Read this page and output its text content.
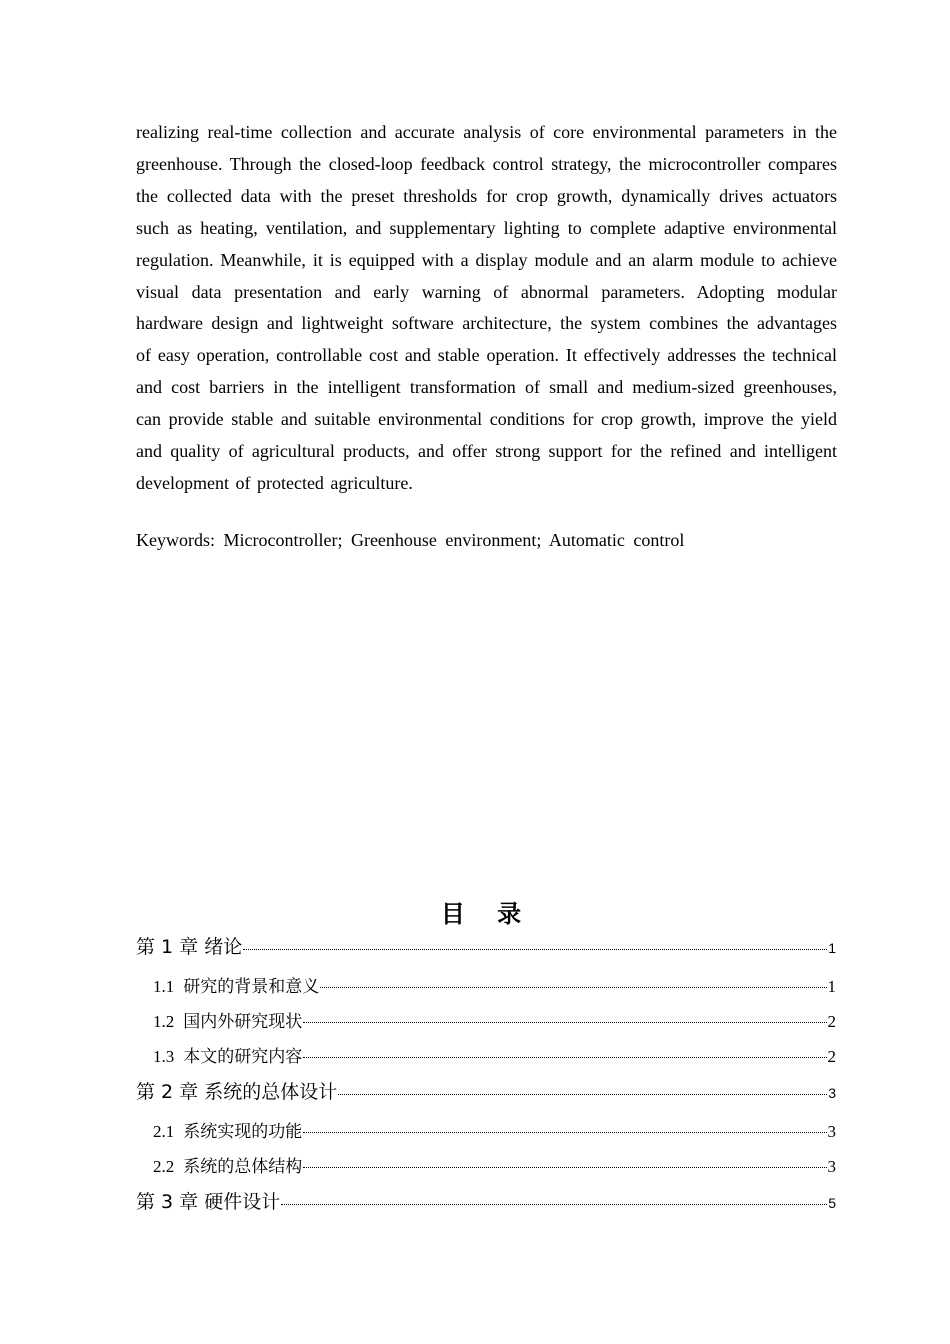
realizing real-time collection and accurate analysis of core environmental parameters in the greenhouse. Through the closed-loop feedback control strategy, the microcontroller compares the collected data with the preset thresholds for crop growth, dynamically drives actuators such as heating, ventilation, and supplementary lighting to complete adaptive environmental regulation. Meanwhile, it is equipped with a display module and an alarm module to achieve visual data presentation and early warning of abnormal parameters. Adopting modular hardware design and lightweight software architecture, the system combines the advantages of easy operation, controllable cost and stable operation. It effectively addresses the technical and cost barriers in the intelligent transformation of small and medium-sized greenhouses, can provide stable and suitable environmental conditions for crop growth, improve the yield and quality of agricultural products, and offer strong support for the refined and intelligent development of protected agriculture.

Keywords: Microcontroller; Greenhouse environment; Automatic control
目 录
第 1 章 绪论	1
1.1 研究的背景和意义	1
1.2 国内外研究现状	2
1.3 本文的研究内容	2
第 2 章 系统的总体设计	3
2.1 系统实现的功能	3
2.2 系统的总体结构	3
第 3 章 硬件设计	5
